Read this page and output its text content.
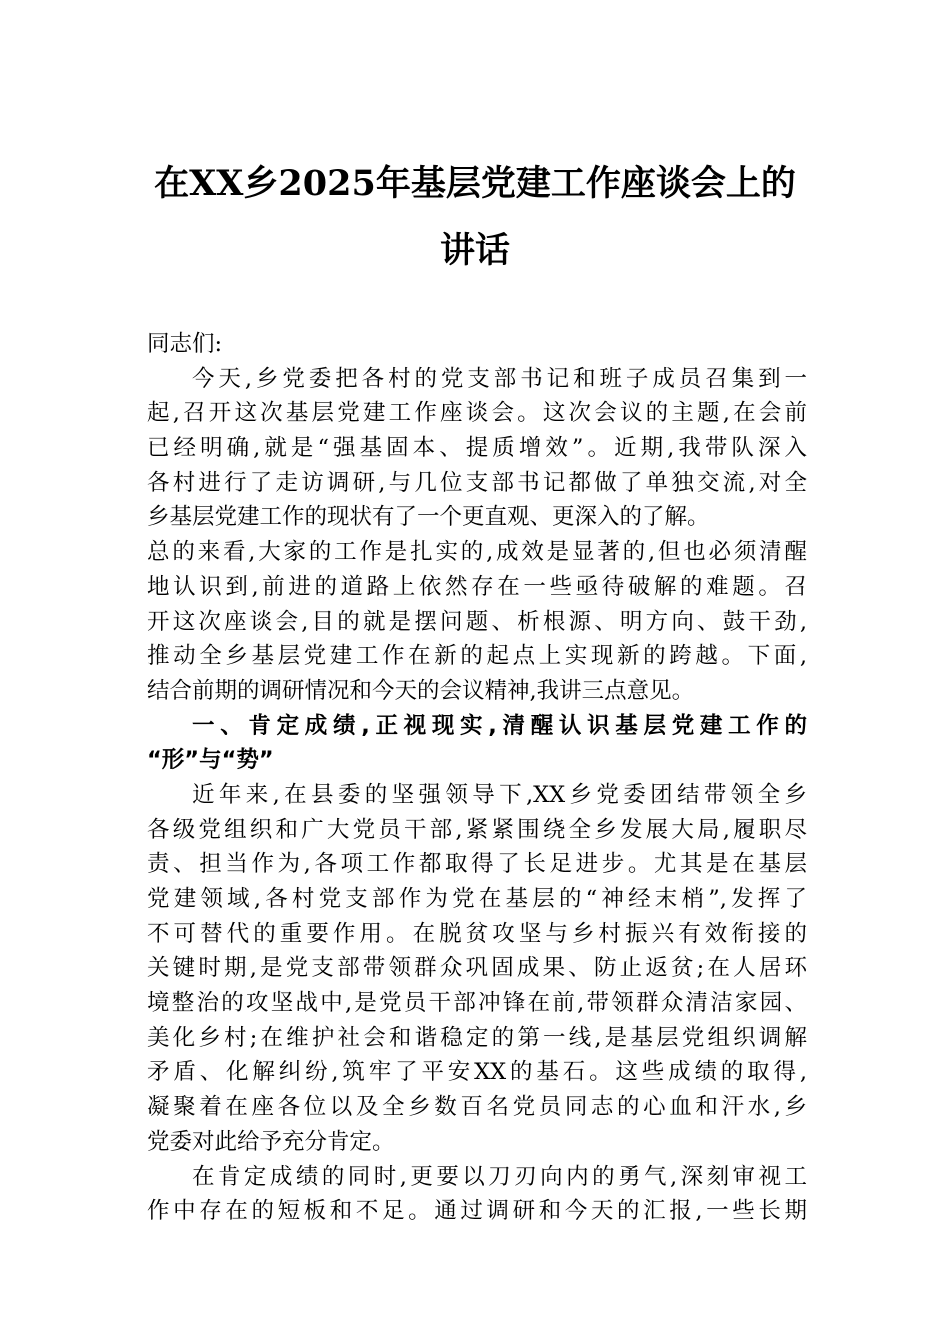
在XX乡2025年基层党建工作座谈会上的
讲话
同志们:
今天,乡党委把各村的党支部书记和班子成员召集到一
起,召开这次基层党建工作座谈会。这次会议的主题,在会前
已经明确,就是“强基固本、提质增效”。近期,我带队深入
各村进行了走访调研,与几位支部书记都做了单独交流,对全
乡基层党建工作的现状有了一个更直观、更深入的了解。
总的来看,大家的工作是扎实的,成效是显著的,但也必须清醒
地认识到,前进的道路上依然存在一些亟待破解的难题。召
开这次座谈会,目的就是摆问题、析根源、明方向、鼓干劲,
推动全乡基层党建工作在新的起点上实现新的跨越。下面,
结合前期的调研情况和今天的会议精神,我讲三点意见。
一、肯定成绩,正视现实,清醒认识基层党建工作的
“形”与“势”
近年来,在县委的坚强领导下,XX乡党委团结带领全乡
各级党组织和广大党员干部,紧紧围绕全乡发展大局,履职尽
责、担当作为,各项工作都取得了长足进步。尤其是在基层
党建领域,各村党支部作为党在基层的“神经末梢”,发挥了
不可替代的重要作用。在脱贫攻坚与乡村振兴有效衔接的
关键时期,是党支部带领群众巩固成果、防止返贫;在人居环
境整治的攻坚战中,是党员干部冲锋在前,带领群众清洁家园、
美化乡村;在维护社会和谐稳定的第一线,是基层党组织调解
矛盾、化解纠纷,筑牢了平安XX的基石。这些成绩的取得,
凝聚着在座各位以及全乡数百名党员同志的心血和汗水,乡
党委对此给予充分肯定。
在肯定成绩的同时,更要以刀刃向内的勇气,深刻审视工
作中存在的短板和不足。通过调研和今天的汇报,一些长期
